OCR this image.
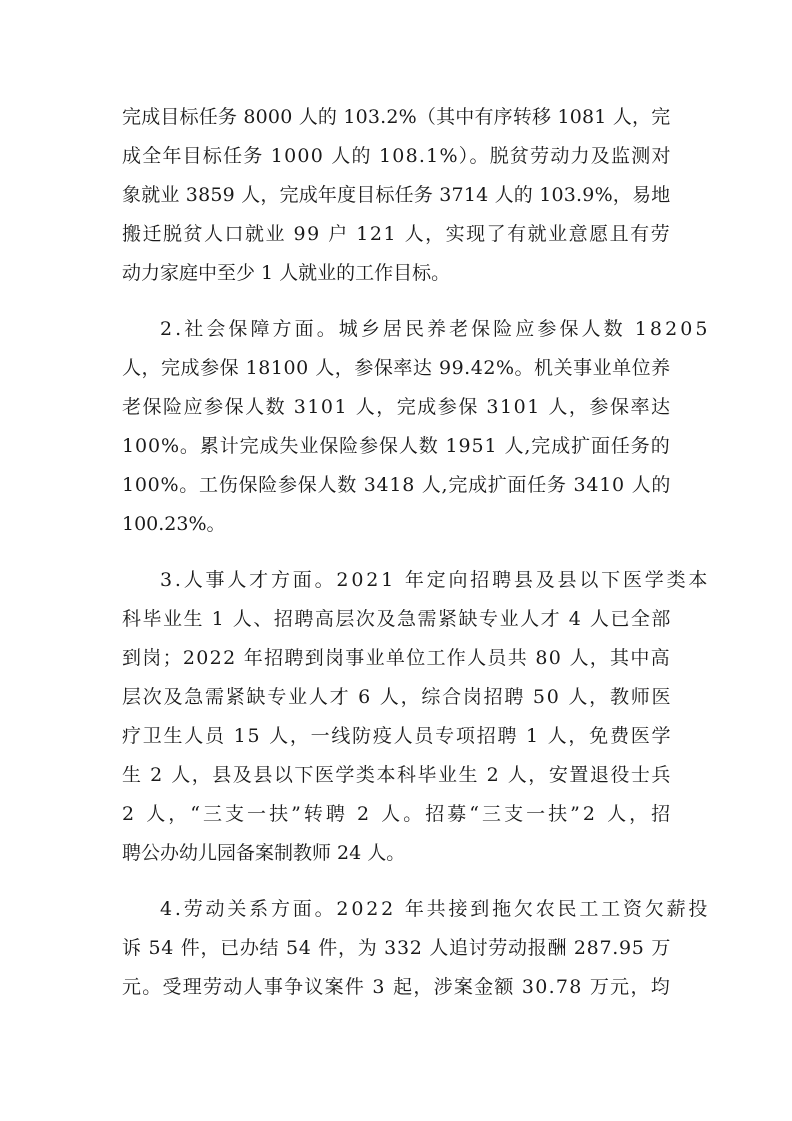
完成目标任务 8000 人的 103.2%（其中有序转移 1081 人，完
成全年目标任务 1000 人的 108.1%）。脱贫劳动力及监测对
象就业 3859 人，完成年度目标任务 3714 人的 103.9%，易地
搬迁脱贫人口就业 99 户 121 人，实现了有就业意愿且有劳
动力家庭中至少 1 人就业的工作目标。
2.社会保障方面。城乡居民养老保险应参保人数 18205
人，完成参保 18100 人，参保率达 99.42%。机关事业单位养
老保险应参保人数 3101 人，完成参保 3101 人，参保率达
100%。累计完成失业保险参保人数 1951 人,完成扩面任务的
100%。工伤保险参保人数 3418 人,完成扩面任务 3410 人的
100.23%。
3.人事人才方面。2021 年定向招聘县及县以下医学类本
科毕业生 1 人、招聘高层次及急需紧缺专业人才 4 人已全部
到岗；2022 年招聘到岗事业单位工作人员共 80 人，其中高
层次及急需紧缺专业人才 6 人，综合岗招聘 50 人，教师医
疗卫生人员 15 人，一线防疫人员专项招聘 1 人，免费医学
生 2 人，县及县以下医学类本科毕业生 2 人，安置退役士兵
2 人，“三支一扶”转聘 2 人。招募“三支一扶”2 人，招
聘公办幼儿园备案制教师 24 人。
4.劳动关系方面。2022 年共接到拖欠农民工工资欠薪投
诉 54 件，已办结 54 件，为 332 人追讨劳动报酬 287.95 万
元。受理劳动人事争议案件 3 起，涉案金额 30.78 万元，均
